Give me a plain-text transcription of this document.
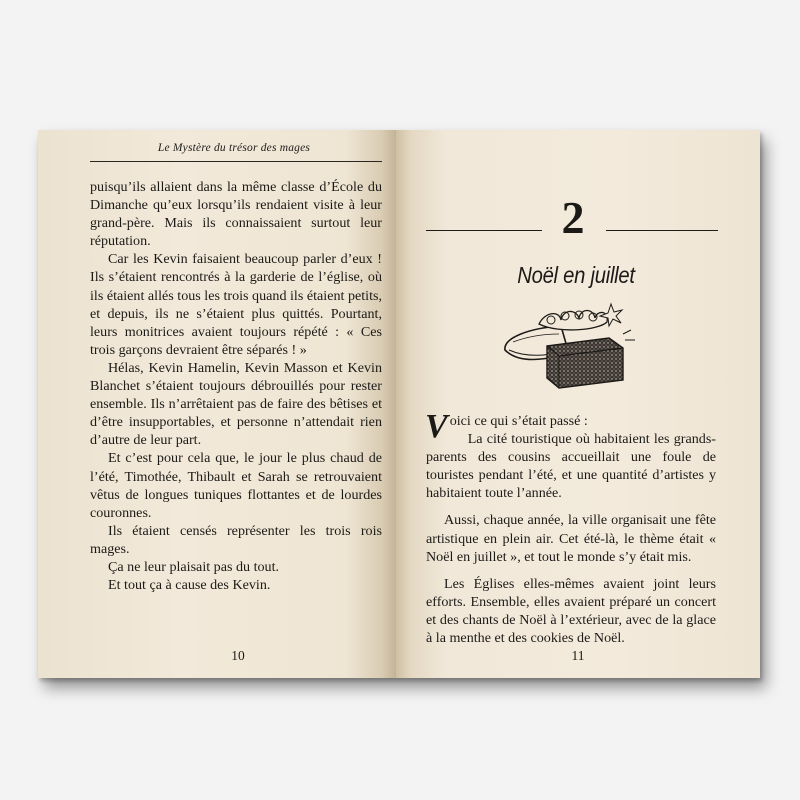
Le Mystère du trésor des mages

puisqu’ils allaient dans la même classe d’École du Dimanche qu’eux lorsqu’ils rendaient visite à leur grand-père. Mais ils connaissaient surtout leur réputation.

Car les Kevin faisaient beaucoup parler d’eux ! Ils s’étaient rencontrés à la garderie de l’église, où ils étaient allés tous les trois quand ils étaient petits, et depuis, ils ne s’étaient plus quittés. Pourtant, leurs monitrices avaient toujours répété : « Ces trois garçons devraient être séparés ! »

Hélas, Kevin Hamelin, Kevin Masson et Kevin Blanchet s’étaient toujours débrouillés pour rester ensemble. Ils n’arrêtaient pas de faire des bêtises et d’être insupportables, et personne n’attendait rien d’autre de leur part.

Et c’est pour cela que, le jour le plus chaud de l’été, Timothée, Thibault et Sarah se retrouvaient vêtus de longues tuniques flottantes et de lourdes couronnes.

Ils étaient censés représenter les trois rois mages.

Ça ne leur plaisait pas du tout.

Et tout ça à cause des Kevin.

10
2
Noël en juillet

Voici ce qui s’était passé :

La cité touristique où habitaient les grands-parents des cousins accueillait une foule de touristes pendant l’été, et une quantité d’artistes y habitaient toute l’année.

Aussi, chaque année, la ville organisait une fête artistique en plein air. Cet été-là, le thème était « Noël en juillet », et tout le monde s’y était mis.

Les Églises elles-mêmes avaient joint leurs efforts. Ensemble, elles avaient préparé un concert et des chants de Noël à l’extérieur, avec de la glace à la menthe et des cookies de Noël.

11
